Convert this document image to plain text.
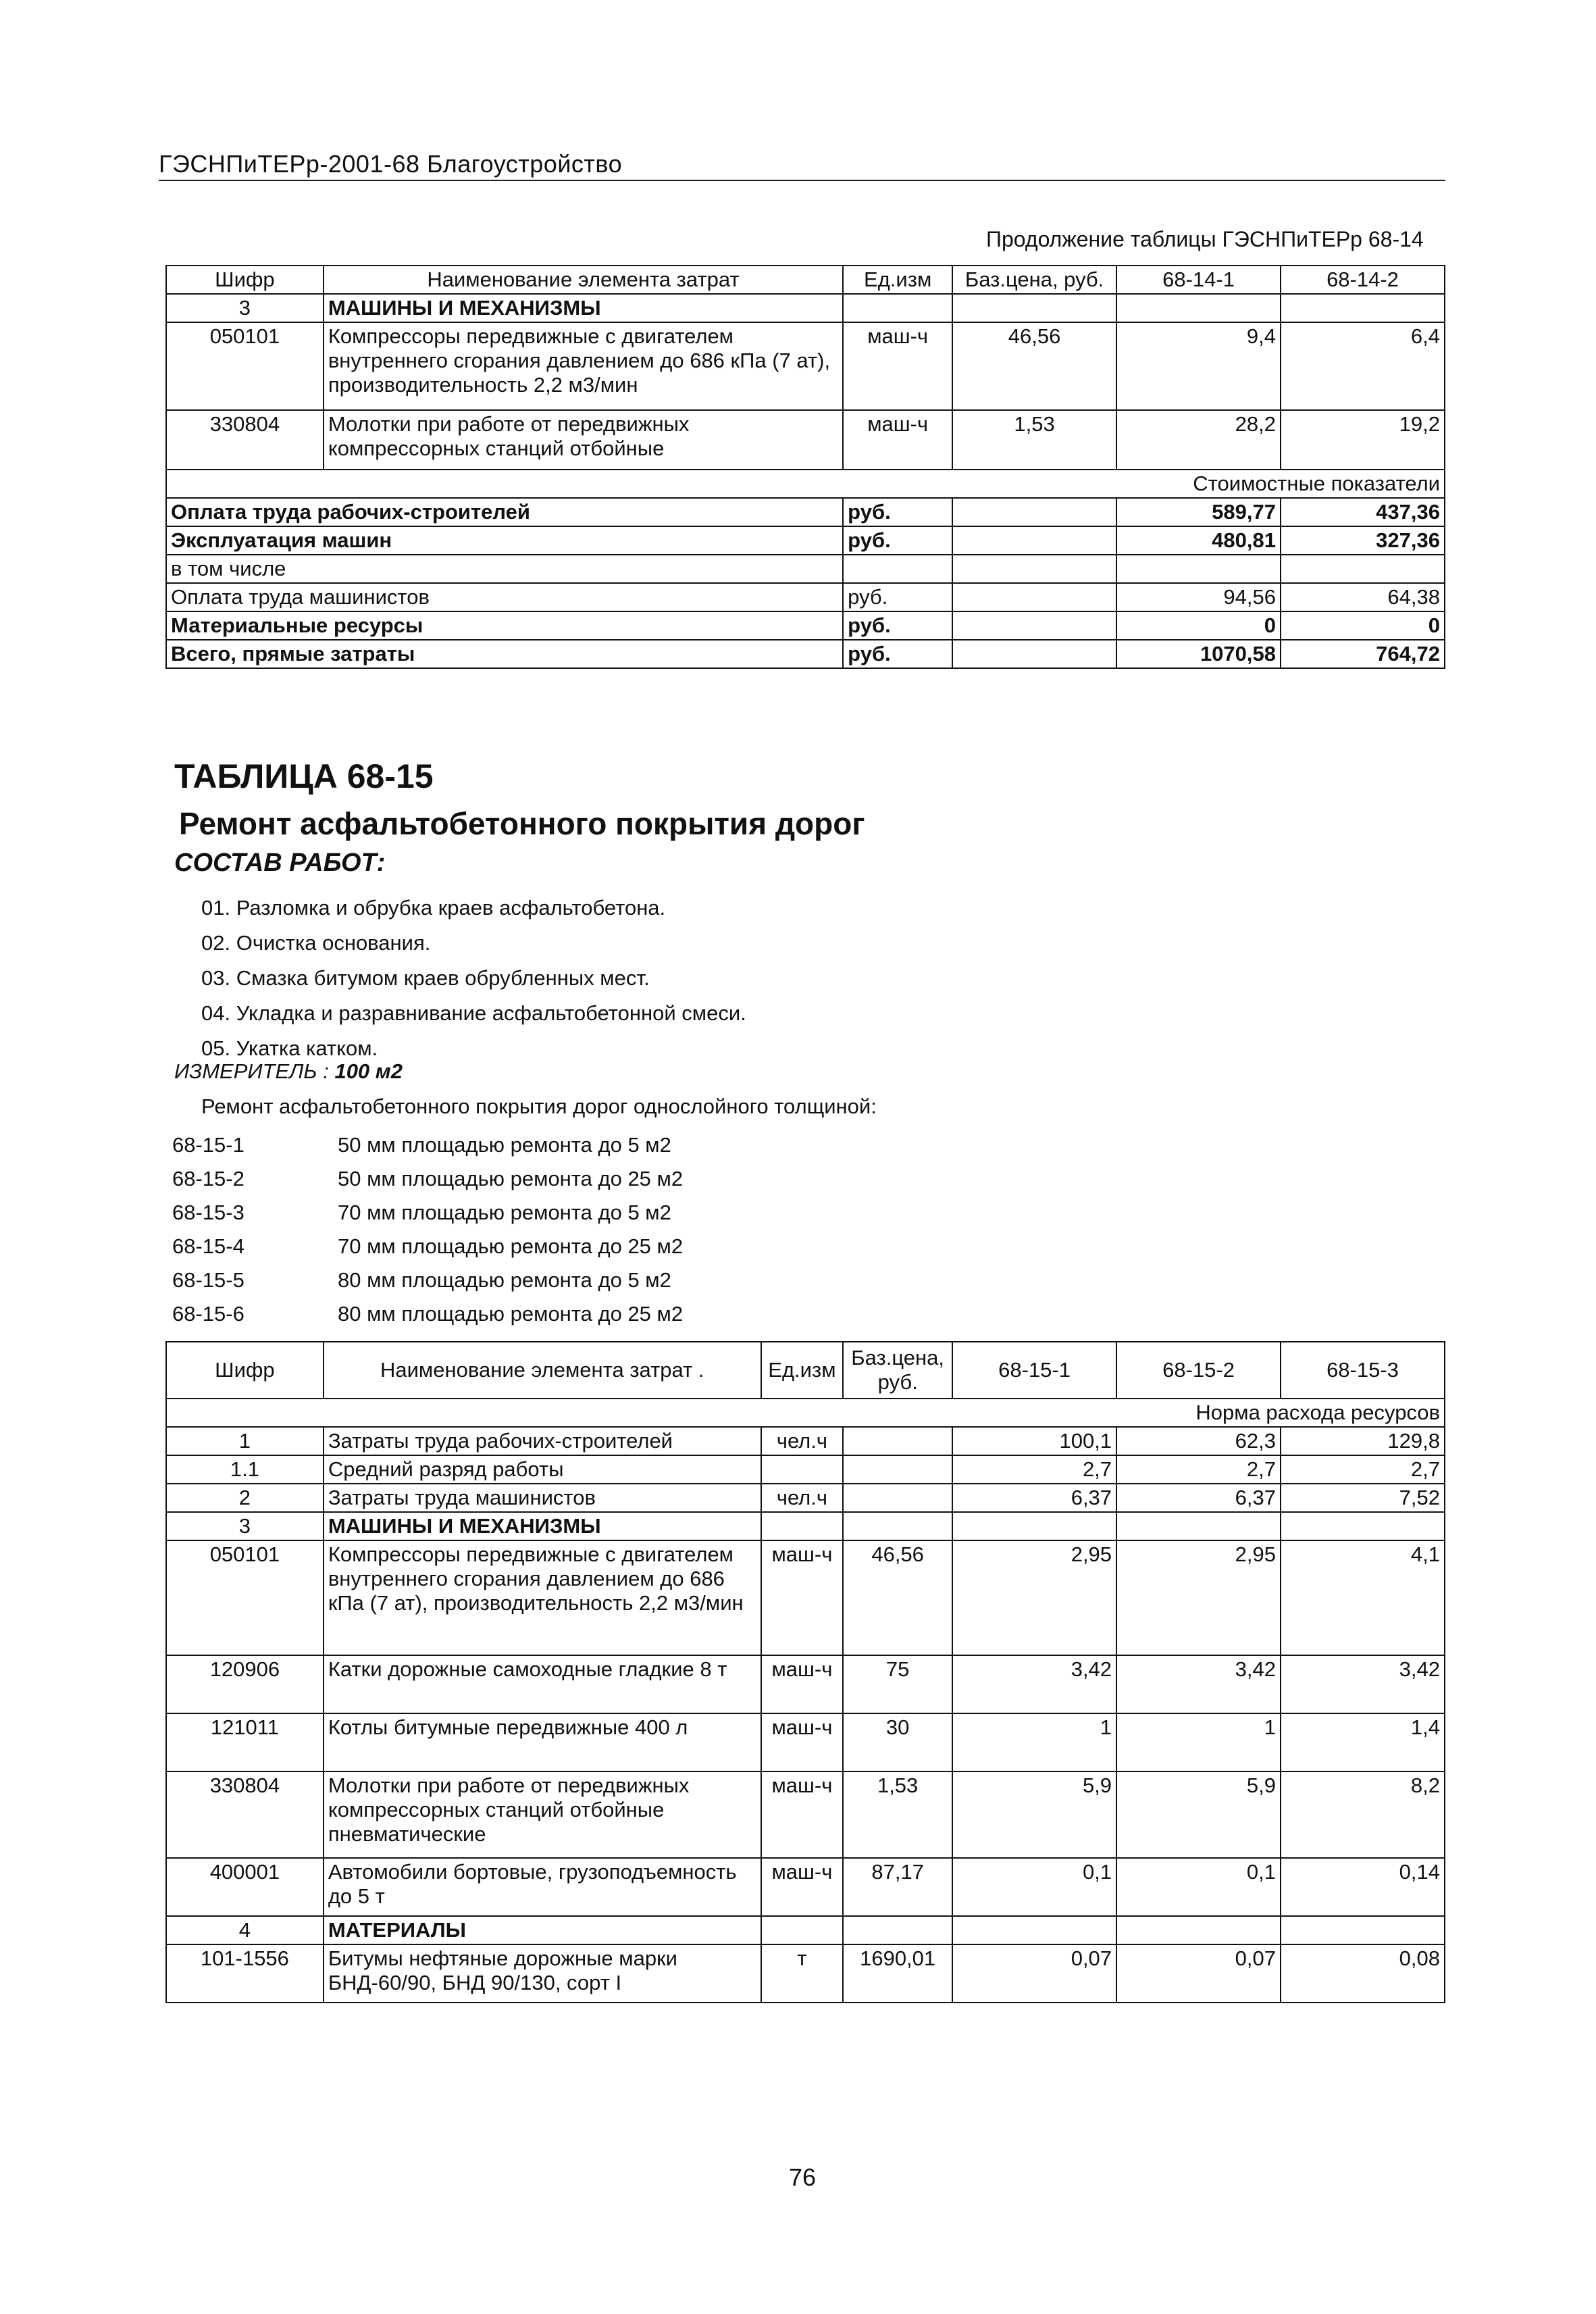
ГЭСНПиТЕРр-2001-68 Благоустройство
Продолжение таблицы ГЭСНПиТЕРр 68-14
Шифр	Наименование элемента затрат	Ед.изм	Баз.цена, руб.	68-14-1	68-14-2
3	МАШИНЫ И МЕХАНИЗМЫ				
050101	Компрессоры передвижные с двигателем внутреннего сгорания давлением до 686 кПа (7 ат), производительность 2,2 м3/мин	маш-ч	46,56	9,4	6,4
330804	Молотки при работе от передвижных компрессорных станций отбойные	маш-ч	1,53	28,2	19,2
Стоимостные показатели					
Оплата труда рабочих-строителей		руб.		589,77	437,36
Эксплуатация машин		руб.		480,81	327,36
в том числе					
Оплата труда машинистов		руб.		94,56	64,38
Материальные ресурсы		руб.		0	0
Всего, прямые затраты		руб.		1070,58	764,72
ТАБЛИЦА 68-15
Ремонт асфальтобетонного покрытия дорог
СОСТАВ РАБОТ:
01. Разломка и обрубка краев асфальтобетона.
02. Очистка основания.
03. Смазка битумом краев обрубленных мест.
04. Укладка и разравнивание асфальтобетонной смеси.
05. Укатка катком.
ИЗМЕРИТЕЛЬ : 100 м2
Ремонт асфальтобетонного покрытия дорог однослойного толщиной:
68-15-1	50 мм площадью ремонта до 5 м2
68-15-2	50 мм площадью ремонта до 25 м2
68-15-3	70 мм площадью ремонта до 5 м2
68-15-4	70 мм площадью ремонта до 25 м2
68-15-5	80 мм площадью ремонта до 5 м2
68-15-6	80 мм площадью ремонта до 25 м2
Шифр	Наименование элемента затрат .	Ед.изм	Баз.цена, руб.	68-15-1	68-15-2	68-15-3
Норма расхода ресурсов						
1	Затраты труда рабочих-строителей	чел.ч		100,1	62,3	129,8
1.1	Средний разряд работы			2,7	2,7	2,7
2	Затраты труда машинистов	чел.ч		6,37	6,37	7,52
3	МАШИНЫ И МЕХАНИЗМЫ					
050101	Компрессоры передвижные с двигателем внутреннего сгорания давлением до 686 кПа (7 ат), производительность 2,2 м3/мин	маш-ч	46,56	2,95	2,95	4,1
120906	Катки дорожные самоходные гладкие 8 т	маш-ч	75	3,42	3,42	3,42
121011	Котлы битумные передвижные 400 л	маш-ч	30	1	1	1,4
330804	Молотки при работе от передвижных компрессорных станций отбойные пневматические	маш-ч	1,53	5,9	5,9	8,2
400001	Автомобили бортовые, грузоподъемность до 5 т	маш-ч	87,17	0,1	0,1	0,14
4	МАТЕРИАЛЫ					
101-1556	Битумы нефтяные дорожные марки БНД-60/90, БНД 90/130, сорт I	т	1690,01	0,07	0,07	0,08
76
